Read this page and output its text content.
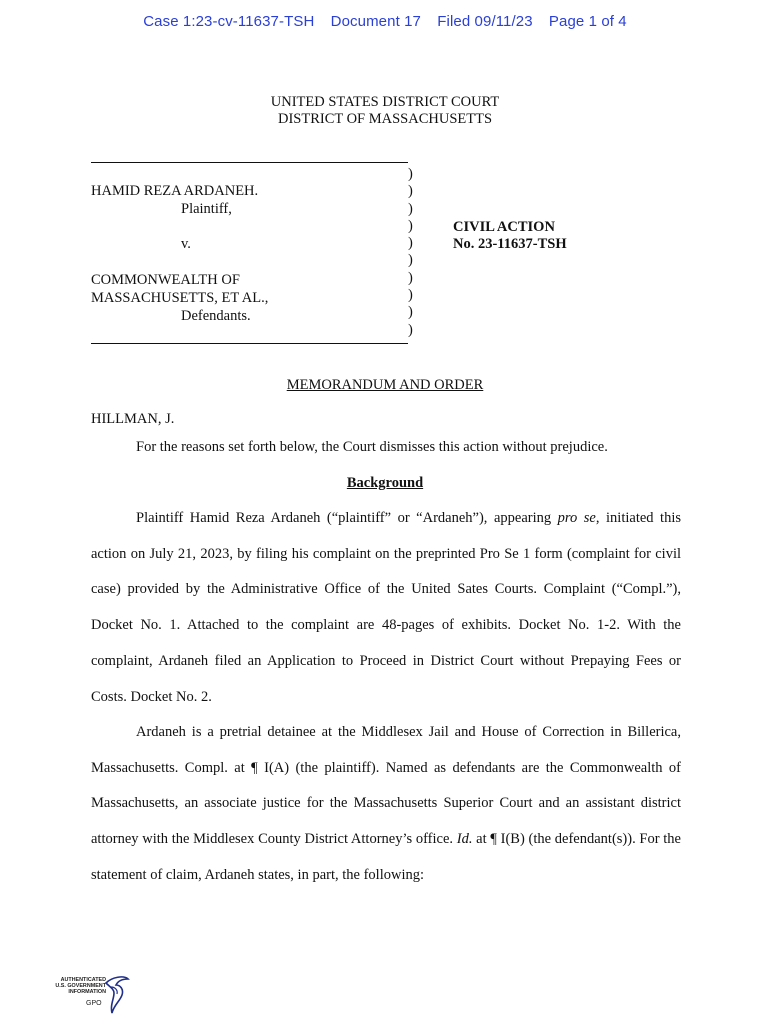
Case 1:23-cv-11637-TSH Document 17 Filed 09/11/23 Page 1 of 4
UNITED STATES DISTRICT COURT
DISTRICT OF MASSACHUSETTS
)
)
)
)
)
)
)
)
)
)
HAMID REZA ARDANEH.
Plaintiff,
v.
COMMONWEALTH OF
MASSACHUSETTS, ET AL.,
Defendants.
CIVIL ACTION
No. 23-11637-TSH
MEMORANDUM AND ORDER
HILLMAN, J.
For the reasons set forth below, the Court dismisses this action without prejudice.
Background

Plaintiff Hamid Reza Ardaneh (“plaintiff” or “Ardaneh”), appearing pro se, initiated this action on July 21, 2023, by filing his complaint on the preprinted Pro Se 1 form (complaint for civil case) provided by the Administrative Office of the United Sates Courts. Complaint (“Compl.”), Docket No. 1. Attached to the complaint are 48-pages of exhibits. Docket No. 1-2. With the complaint, Ardaneh filed an Application to Proceed in District Court without Prepaying Fees or Costs. Docket No. 2.

Ardaneh is a pretrial detainee at the Middlesex Jail and House of Correction in Billerica, Massachusetts. Compl. at ¶ I(A) (the plaintiff). Named as defendants are the Commonwealth of Massachusetts, an associate justice for the Massachusetts Superior Court and an assistant district attorney with the Middlesex County District Attorney’s office. Id. at ¶ I(B) (the defendant(s)). For the statement of claim, Ardaneh states, in part, the following:

AUTHENTICATED
U.S. GOVERNMENT
INFORMATION
GPO
